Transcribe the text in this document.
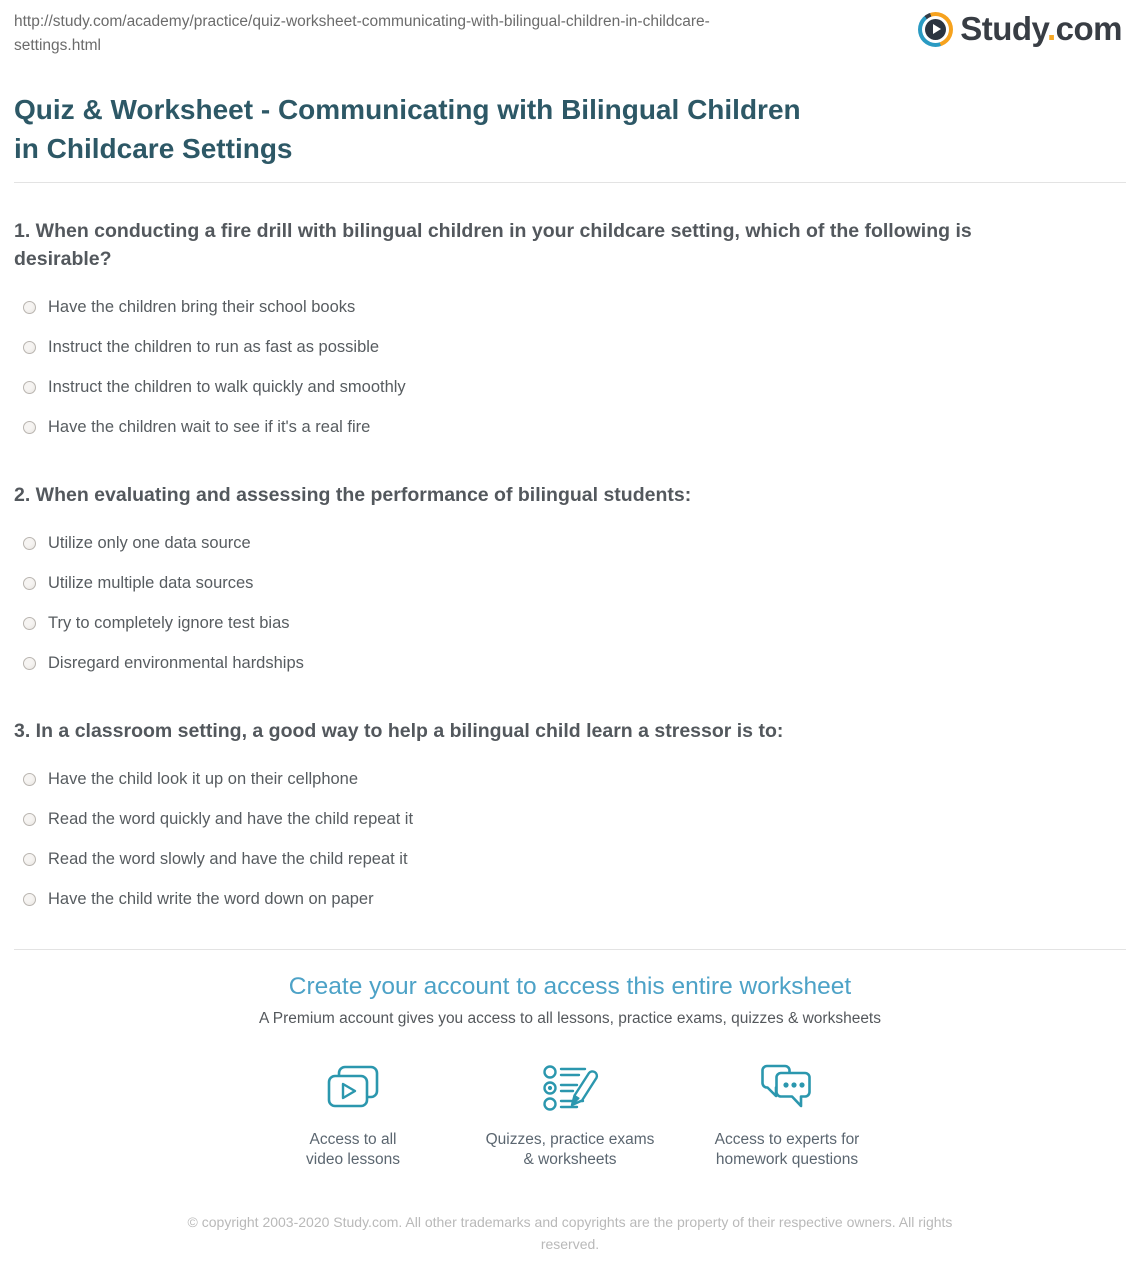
http://study.com/academy/practice/quiz-worksheet-communicating-with-bilingual-children-in-childcare-settings.html	Study.com
Quiz & Worksheet - Communicating with Bilingual Children in Childcare Settings
1. When conducting a fire drill with bilingual children in your childcare setting, which of the following is desirable?
Have the children bring their school books
Instruct the children to run as fast as possible
Instruct the children to walk quickly and smoothly
Have the children wait to see if it's a real fire
2. When evaluating and assessing the performance of bilingual students:
Utilize only one data source
Utilize multiple data sources
Try to completely ignore test bias
Disregard environmental hardships
3. In a classroom setting, a good way to help a bilingual child learn a stressor is to:
Have the child look it up on their cellphone
Read the word quickly and have the child repeat it
Read the word slowly and have the child repeat it
Have the child write the word down on paper
Create your account to access this entire worksheet
A Premium account gives you access to all lessons, practice exams, quizzes & worksheets
Access to all
video lessons
Quizzes, practice exams
& worksheets
Access to experts for
homework questions
© copyright 2003-2020 Study.com. All other trademarks and copyrights are the property of their respective owners. All rights reserved.
